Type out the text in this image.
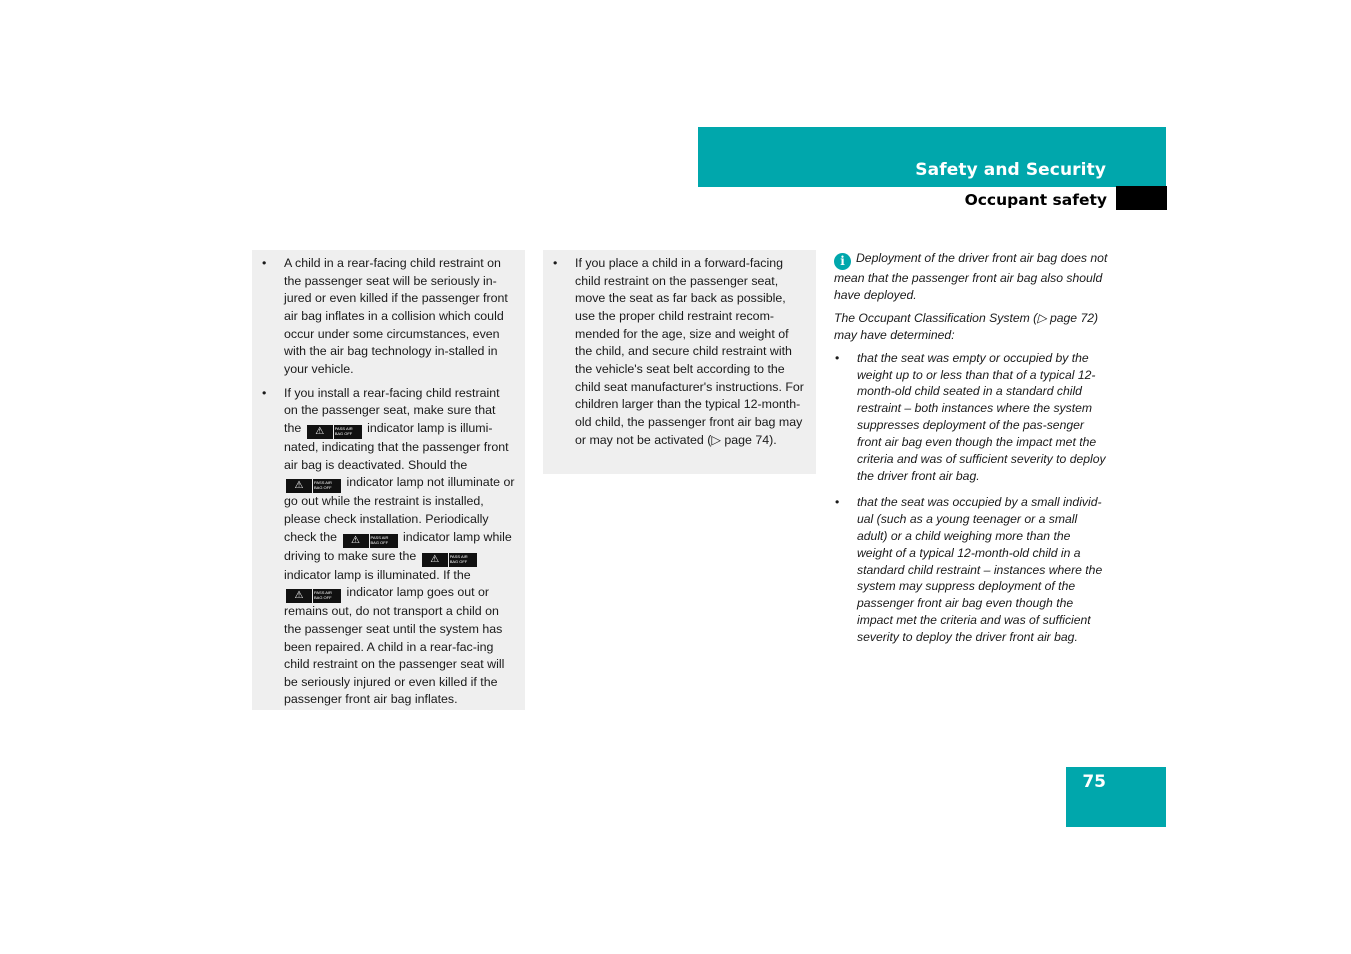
Safety and Security
Occupant safety
• A child in a rear-facing child restraint on the passenger seat will be seriously in-jured or even killed if the passenger front air bag inflates in a collision which could occur under some circumstances, even with the air bag technology in-stalled in your vehicle.
• If you install a rear-facing child restraint on the passenger seat, make sure that the	⚠	PASS AIR BAG OFF	indicator lamp is illumi-nated, indicating that the passenger front air bag is deactivated. Should the
⚠	PASS AIR BAG OFF	indicator lamp not illuminate or go out while the restraint is installed, please check installation. Periodically check the	⚠	PASS AIR BAG OFF	indicator lamp while driving to make sure the	⚠	PASS AIR BAG OFF
indicator lamp is illuminated. If the
⚠	PASS AIR BAG OFF	indicator lamp goes out or remains out, do not transport a child on the passenger seat until the system has been repaired. A child in a rear-fac-ing child restraint on the passenger seat will be seriously injured or even killed if the passenger front air bag inflates.
• If you place a child in a forward-facing child restraint on the passenger seat, move the seat as far back as possible, use the proper child restraint recom-mended for the age, size and weight of the child, and secure child restraint with the vehicle's seat belt according to the child seat manufacturer's instructions. For children larger than the typical 12-month-old child, the passenger front air bag may or may not be activated (▷ page 74).

i Deployment of the driver front air bag does not mean that the passenger front air bag also should have deployed.

The Occupant Classification System (▷ page 72) may have determined:

• that the seat was empty or occupied by the weight up to or less than that of a typical 12-month-old child seated in a standard child restraint – both instances where the system suppresses deployment of the pas-senger front air bag even though the impact met the criteria and was of sufficient severity to deploy the driver front air bag.
• that the seat was occupied by a small individ-ual (such as a young teenager or a small adult) or a child weighing more than the weight of a typical 12-month-old child in a standard child restraint – instances where the system may suppress deployment of the passenger front air bag even though the impact met the criteria and was of sufficient severity to deploy the driver front air bag.
75
